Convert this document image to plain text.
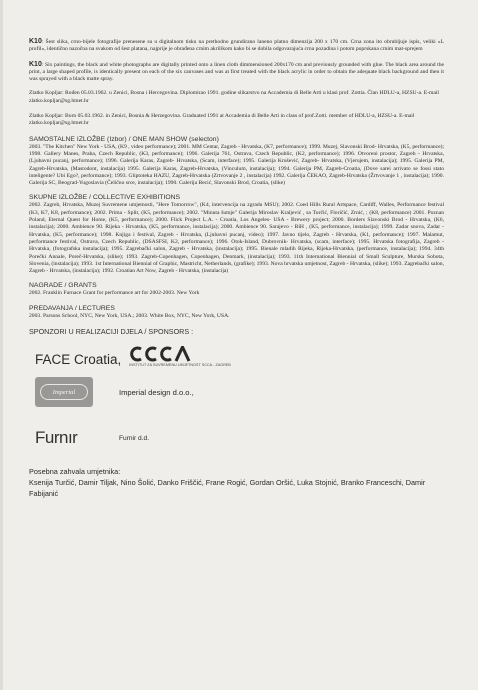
K10: Šest slika, crno-bijele fotografije prenesene su u digitalnom tisku na prethodno grundirano laneno platno dimenzija 200 x 170 cm. Crna zona ito obrubljuje ispis, veliki »L profil«, identično nazočna na svakom od šest platana, najprije je obrađena crnim akrilikom kako bi se dobila odgovarajuća crna pozadina i potom poprskana crnim mat-sprejem

K10: Six paintings, the black and white photographs are digitally printed onto a linen cloth dimmensioned 200x170 cm and previously grounded with glue. The black area around the print, a large shaped profile, is identically present on each of the six canvases and was at first treated with the black acrylic in order to obtain the adequate black background and then it was sprayed with a black matte spray.

Zlatko Kopljar: Rođen 05.03.1962. u Zenici, Bosna i Hercegovina. Diplomirao 1991. godine slikarstvo na Accademia di Belle Arti u klasi prof. Zottia. Član HDLU-a, HZSU-a. E-mail zlatko.kopljar@sg.htnet.hr

Zlatko Kopljar: Born 05.03.1962. in Zenici, Bosnia & Herzegovina. Graduated 1991 at Accademia di Belle Arti in class of prof.Zotti. member of HDLU-a, HZSU-a. E-mail zlatko.kopljar@sg.htnet.hr

SAMOSTALNE IZLOŽBE (Izbor) / ONE MAN SHOW (selecton)

2003. "The Kitchen" New York - USA, (K9 , video performance); 2001. MM Centar, Zagreb - Hrvatska, (K7, performance); 1999. Muzej, Slavonski Brod- Hrvatska, (K5, performance); 1998. Gallery Manes, Praha, Czech Republic, (K3, performance); 1996. Galerija 761, Ostrava, Czech Republic, (K2, performance); 1996. Otvoreni prostor, Zagreb - Hrvatska, (Ljubavni pucanj, performance); 1996. Galerija Karas, Zagreb- Hrvatska, (Scam, interface); 1995. Galerija Krušević, Zagreb- Hrvatska, (Vjerujem, instalacija); 1995. Galerija PM, Zagreb-Hrvatska, (Mastodont, instalacija) 1995. Galerija Karas, Zagreb-Hrvatska, (Vinculum, instalacija); 1994. Galerija PM, Zagreb-Croatia, (Dove sarei arrivato se fossi stato inteligente? Ubi Ego?, performance); 1993. Gliptoteka HAZU, Zagreb-Hrvatska (Zrtvovanje 2 , instalacija) 1992. Galerija ČEKAO, Zagreb-Hrvatska (Žrtvovanje 1 , instalacija); 1990. Galerija SC, Beograd-Yugoslavia (Čelično srce, instalacija); 1990. Galerija Becić, Slavonski Brod, Croatia, (slike)

SKUPNE IZLOŽBE / COLLECTIVE EXHIBITIONS

2002. Zagreb, Hrvatska, Muzej Suvremene umjetnosti, "Here Tomorrow", (K4, intervencija na zgradu MSU); 2002. Coed Hills Rural Artspace, Cardiff, Walles, Performance festival (K3, K7, K8, performance); 2002. Prima - Split, (K5, performance); 2002. "Minuta šutnje" Galerija Miroslav Kraljević , sa Turčić, Floričić, Zrnić, ; (K8, performance) 2001. Poznan Poland, Eternal Quest for Home, (K5, performance); 2000. Flick Project L.A. - Croatia, Los Angeles- USA - Brewery project; 2000. Borders Slavonski Brod - Hrvatska, (K6, instalacija); 2000. Ambience 90. Rijeka - Hrvatska, (K5, performance, instalacija); 2000. Ambience 90. Sarajevo - BiH , (K5, performance, instalacija); 1999. Zadar snova, Zadar - Hrvatska, (K5, performance); 1998. Knjiga i festival, Zagreb - Hrvatska, (Ljubavni pucanj, video); 1997. Javno tijelo, Zagreb - Hrvatska, (K1, performance); 1997. Malamut, performance festival, Ostrava, Czech Republic, (DSASFSI, K2, performance); 1996. Otok-Island, Dubrovnik- Hrvatska, (scam, interface); 1995. Hrvatska fotografija, Zagreb - Hrvatska, (fotografska instalacija); 1995. Zagrebački salon, Zagreb - Hrvatska, (instalacija); 1995. Bienale mladih Rijeka, Rijeka-Hrvatska, (performance, instalacija); 1994. 34th Porečki Annale, Poreč-Hrvatska, (slike); 1993. Zagreb-Copenhagen, Copenhagen, Denmark, (instalacija); 1993. 11th International Biennial of Small Sculpture, Murska Sobota, Slovenia, (instalacija); 1993. 1st International Biennial of Graphic, Mastricht, Netherlands, (grafike); 1993. Nova hrvatska umjetnost, Zagreb - Hrvatska, (slike); 1993. Zagrebački salon, Zagreb - Hrvatska, (instalacija); 1992. Croatian Art Now, Zagreb - Hrvatska, (instalacija)

NAGRADE / GRANTS

2002. Franklin Furnace Grant for performance art for 2002-2003. New York

PREDAVANJA / LECTURES

2003. Parsons School, NYC, New York, USA.; 2003. White Box, NYC, New York, USA.

SPONZORI U REALIZACIJI DJELA / SPONSORS :

FACE Croatia, INSTITUT ZA SUVREMENU UMJETNOST SCCA - ZAGREB
Imperial	Imperial design d.o.o.,
Furnır	Furnir d.d.

Posebna zahvala umjetnika:

Ksenija Turčić, Damir Tiljak, Nino Šolić, Danko Friščić, Frane Rogić, Gordan Oršić, Luka Stojnić, Branko Franceschi, Damir Fabijanić
